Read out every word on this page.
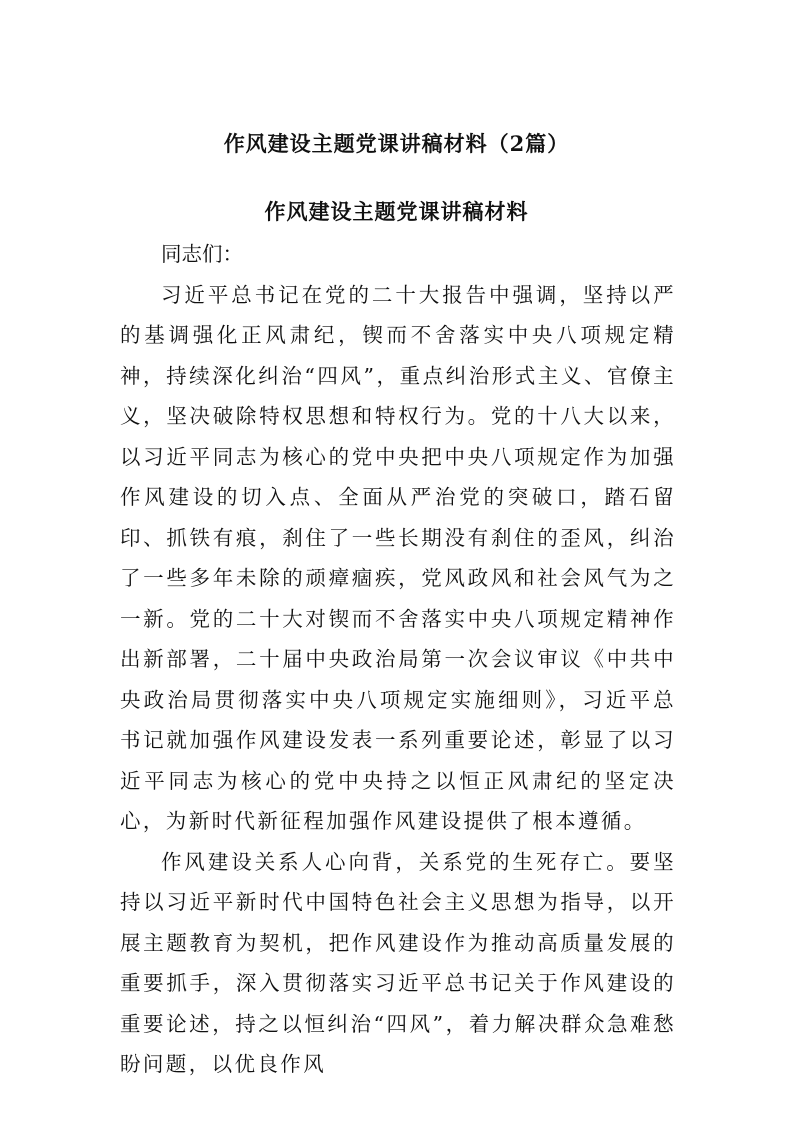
作风建设主题党课讲稿材料（2篇）
作风建设主题党课讲稿材料

同志们：

习近平总书记在党的二十大报告中强调，坚持以严的基调强化正风肃纪，锲而不舍落实中央八项规定精神，持续深化纠治“四风”，重点纠治形式主义、官僚主义，坚决破除特权思想和特权行为。党的十八大以来，以习近平同志为核心的党中央把中央八项规定作为加强作风建设的切入点、全面从严治党的突破口，踏石留印、抓铁有痕，刹住了一些长期没有刹住的歪风，纠治了一些多年未除的顽瘴痼疾，党风政风和社会风气为之一新。党的二十大对锲而不舍落实中央八项规定精神作出新部署，二十届中央政治局第一次会议审议《中共中央政治局贯彻落实中央八项规定实施细则》，习近平总书记就加强作风建设发表一系列重要论述，彰显了以习近平同志为核心的党中央持之以恒正风肃纪的坚定决心，为新时代新征程加强作风建设提供了根本遵循。

作风建设关系人心向背，关系党的生死存亡。要坚持以习近平新时代中国特色社会主义思想为指导，以开展主题教育为契机，把作风建设作为推动高质量发展的重要抓手，深入贯彻落实习近平总书记关于作风建设的重要论述，持之以恒纠治“四风”，着力解决群众急难愁盼问题，以优良作风
